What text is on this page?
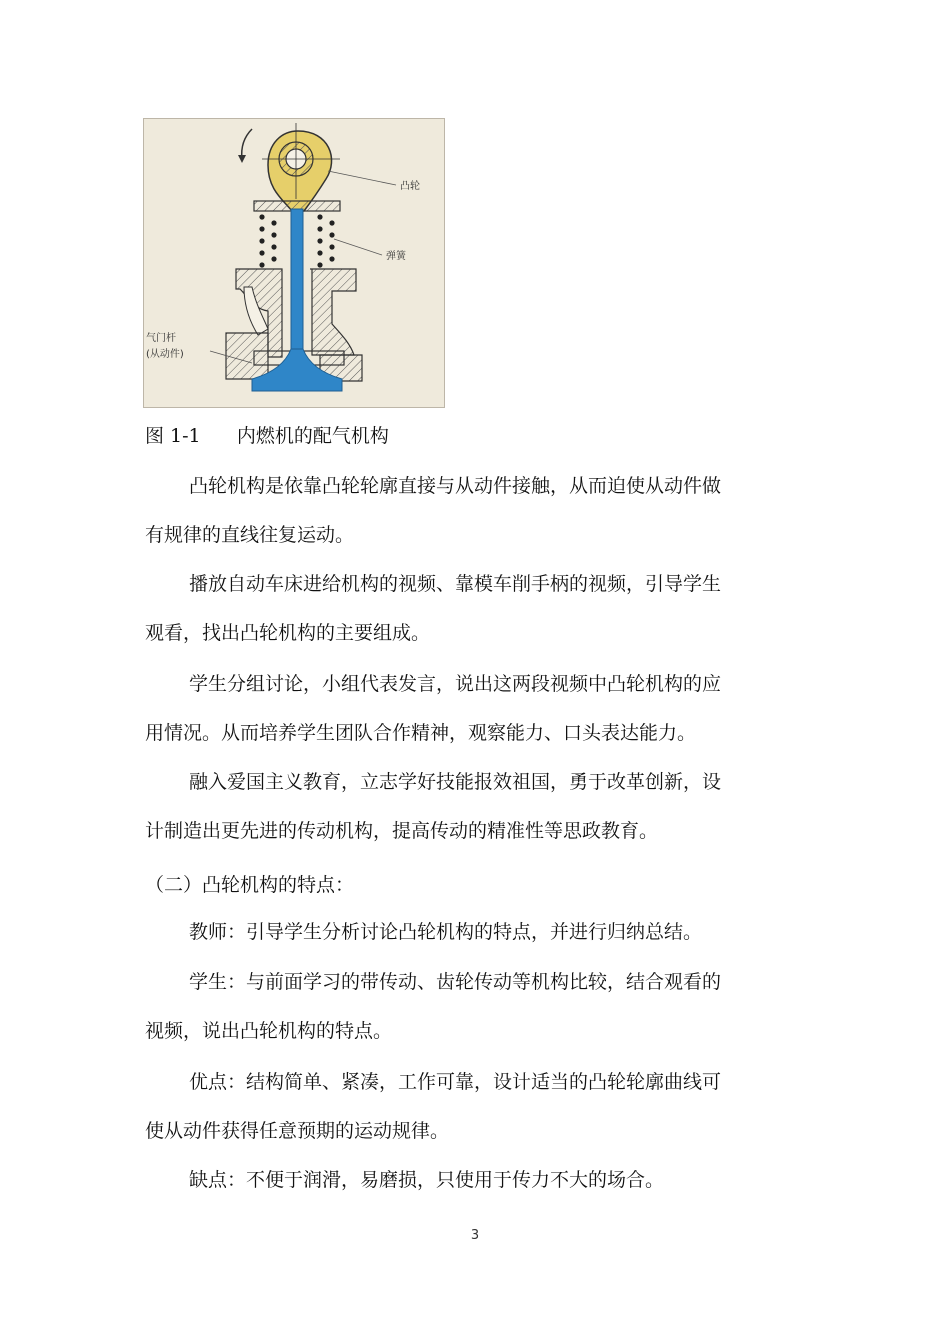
凸轮
弹簧
气门杆
(从动件)
图 1-1 内燃机的配气机构

凸轮机构是依靠凸轮轮廓直接与从动件接触，从而迫使从动件做
有规律的直线往复运动。

播放自动车床进给机构的视频、靠模车削手柄的视频，引导学生
观看，找出凸轮机构的主要组成。

学生分组讨论，小组代表发言，说出这两段视频中凸轮机构的应
用情况。从而培养学生团队合作精神，观察能力、口头表达能力。

融入爱国主义教育，立志学好技能报效祖国，勇于改革创新，设
计制造出更先进的传动机构，提高传动的精准性等思政教育。

（二）凸轮机构的特点：

教师：引导学生分析讨论凸轮机构的特点，并进行归纳总结。

学生：与前面学习的带传动、齿轮传动等机构比较，结合观看的
视频，说出凸轮机构的特点。

优点：结构简单、紧凑，工作可靠，设计适当的凸轮轮廓曲线可
使从动件获得任意预期的运动规律。

缺点：不便于润滑，易磨损，只使用于传力不大的场合。

3
